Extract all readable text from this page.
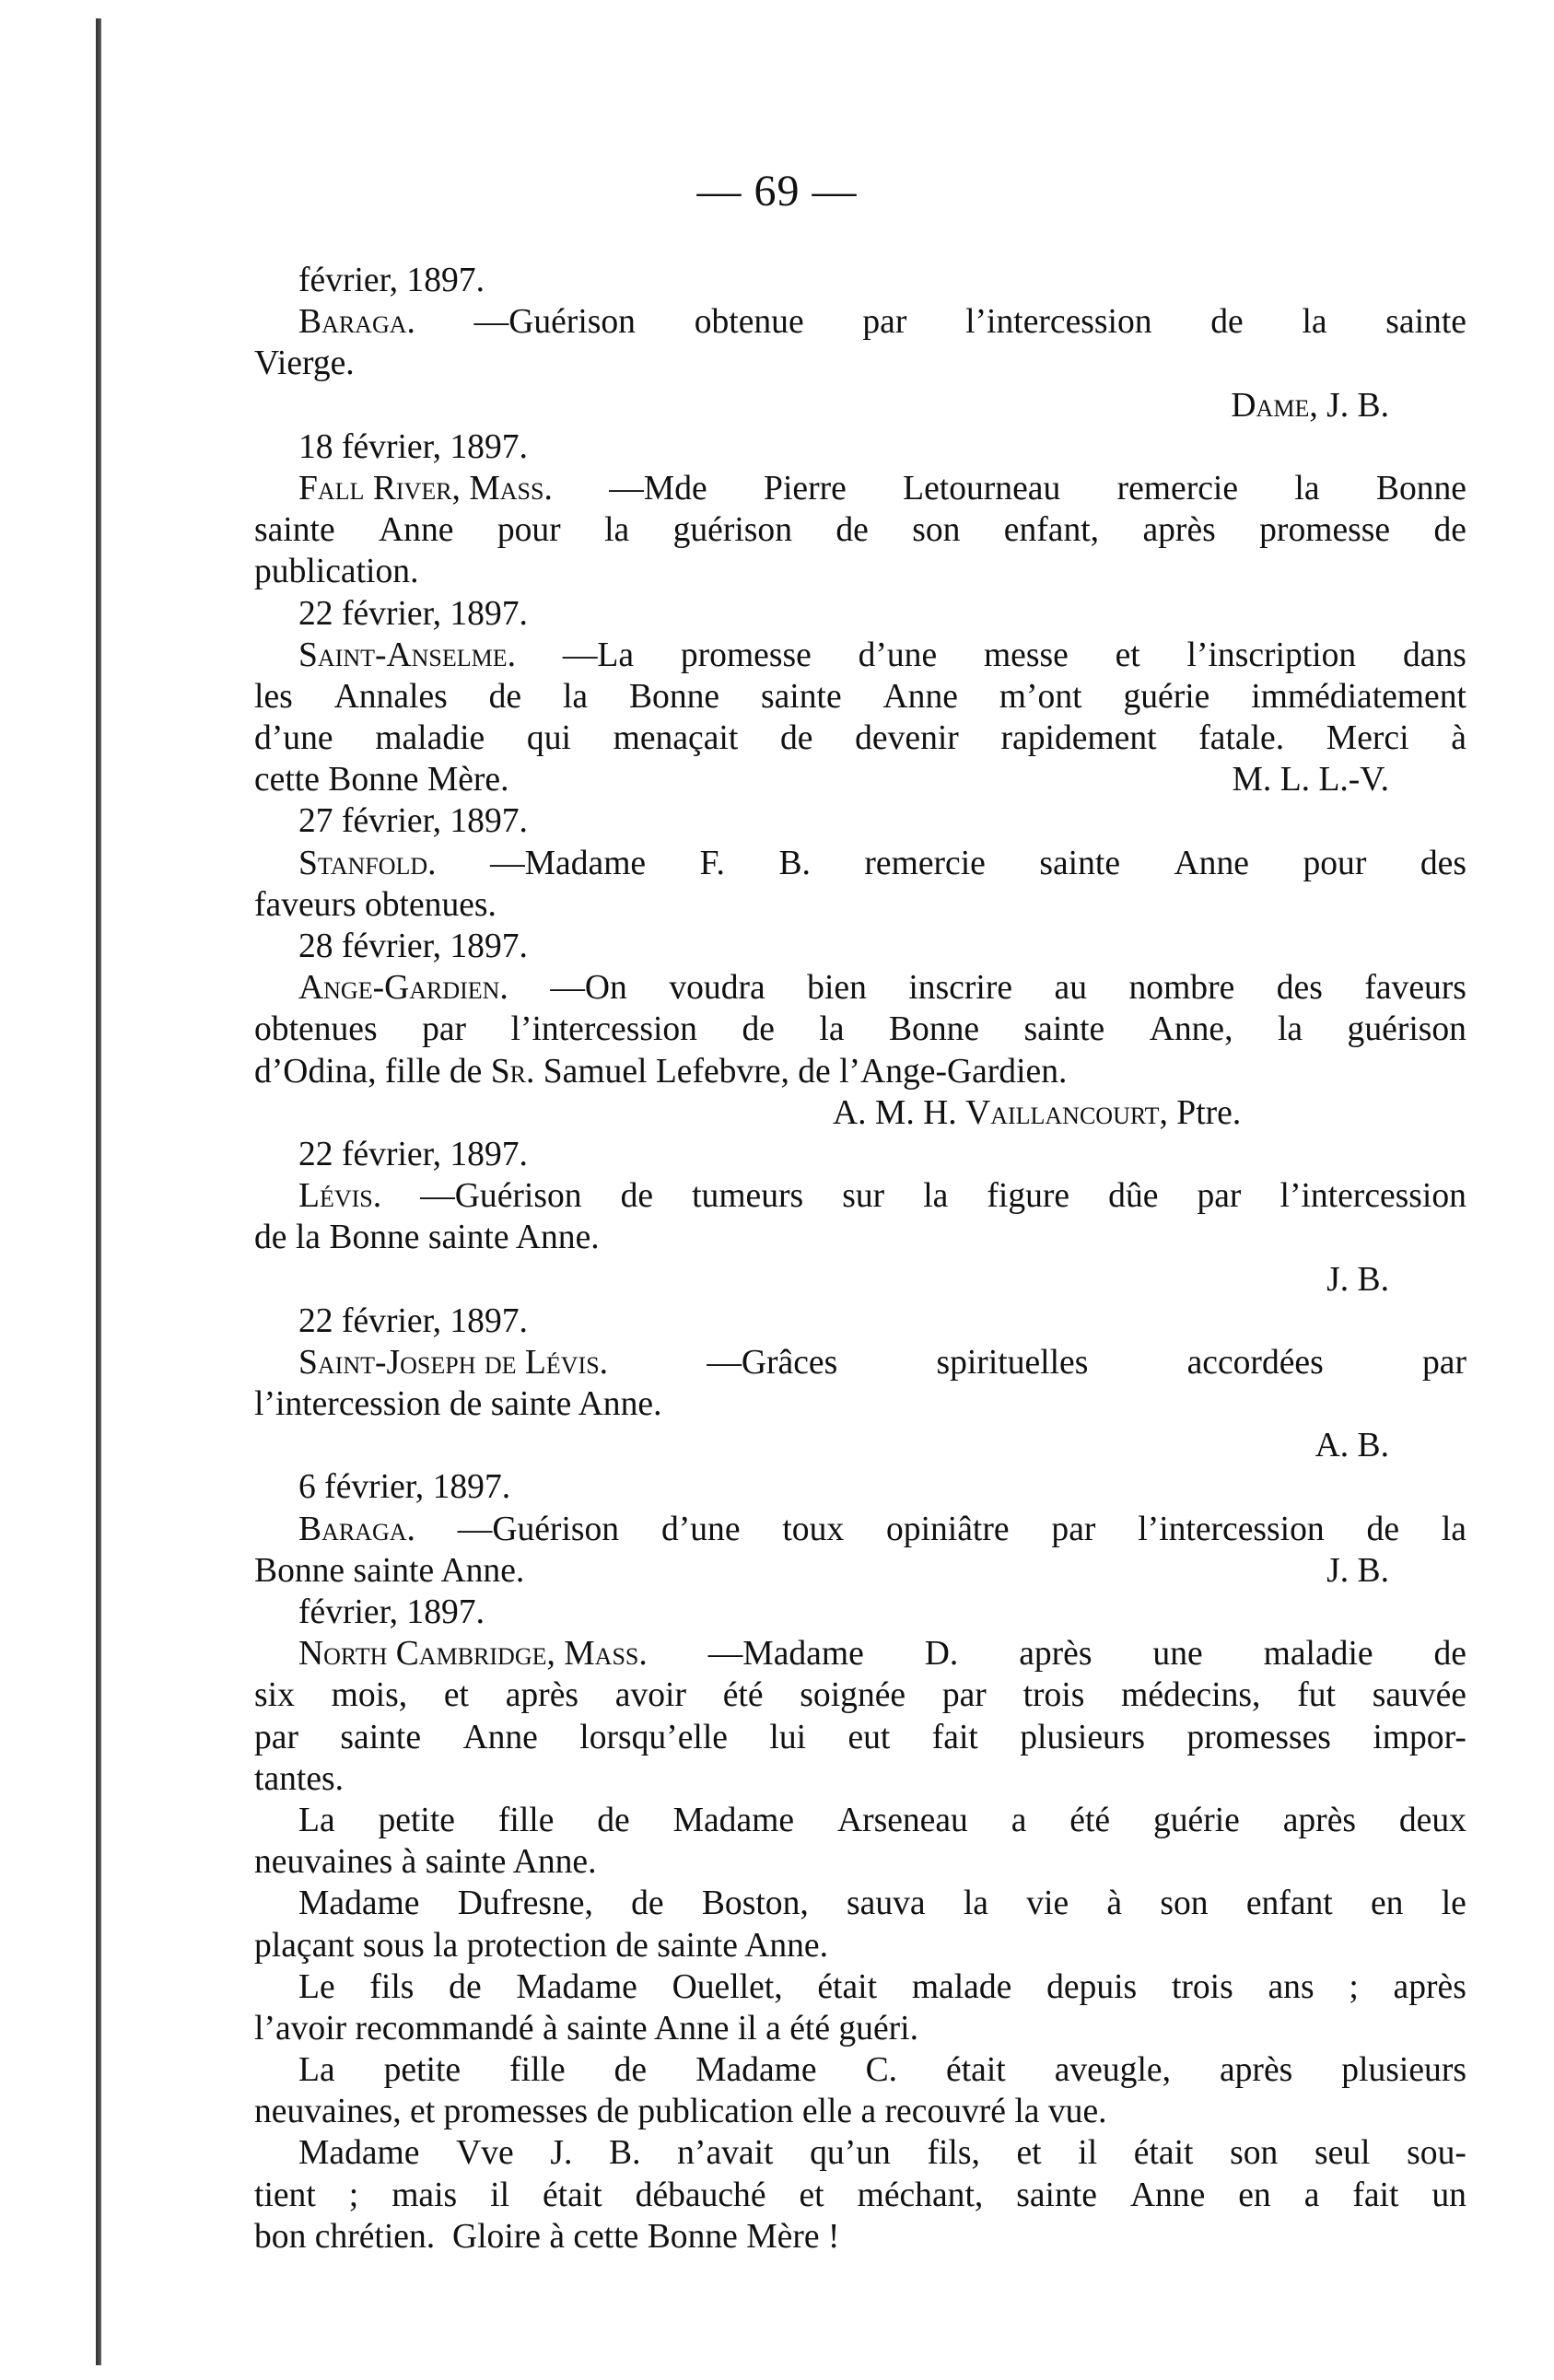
— 69 —
février, 1897.
Baraga. —Guérison obtenue par l’intercession de la sainte
Vierge.
Dame, J. B.
18 février, 1897.
Fall River, Mass. —Mde Pierre Letourneau remercie la Bonne
sainte Anne pour la guérison de son enfant, après promesse de
publication.
22 février, 1897.
Saint-Anselme. —La promesse d’une messe et l’inscription dans
les Annales de la Bonne sainte Anne m’ont guérie immédiatement
d’une maladie qui menaçait de devenir rapidement fatale. Merci à
cette Bonne Mère.	M. L. L.-V.
27 février, 1897.
Stanfold. —Madame F. B. remercie sainte Anne pour des
faveurs obtenues.
28 février, 1897.
Ange-Gardien. —On voudra bien inscrire au nombre des faveurs
obtenues par l’intercession de la Bonne sainte Anne, la guérison
d’Odina, fille de Sr. Samuel Lefebvre, de l’Ange-Gardien.
A. M. H. Vaillancourt , Ptre.
22 février, 1897.
Lévis. —Guérison de tumeurs sur la figure dûe par l’intercession
de la Bonne sainte Anne.
J. B.
22 février, 1897.
Saint-Joseph de Lévis.	—Grâces	spirituelles	accordées	par
l’intercession de sainte Anne.
A. B.
6 février, 1897.
Baraga. —Guérison d’une toux opiniâtre par l’intercession de la
Bonne sainte Anne.	J. B.
février, 1897.
North Cambridge, Mass. —Madame D. après une maladie de
six mois, et après avoir été soignée par trois médecins, fut sauvée
par sainte Anne lorsqu’elle lui eut fait plusieurs promesses impor-
tantes.
La petite fille de Madame Arseneau a été guérie après deux
neuvaines à sainte Anne.
Madame Dufresne, de Boston, sauva la vie à son enfant en le
plaçant sous la protection de sainte Anne.
Le fils de Madame Ouellet, était malade depuis trois ans ; après
l’avoir recommandé à sainte Anne il a été guéri.
La petite fille de Madame C. était aveugle, après plusieurs
neuvaines, et promesses de publication elle a recouvré la vue.
Madame Vve J. B. n’avait qu’un fils, et il était son seul sou-
tient ; mais il était débauché et méchant, sainte Anne en a fait un
bon chrétien.  Gloire à cette Bonne Mère !
